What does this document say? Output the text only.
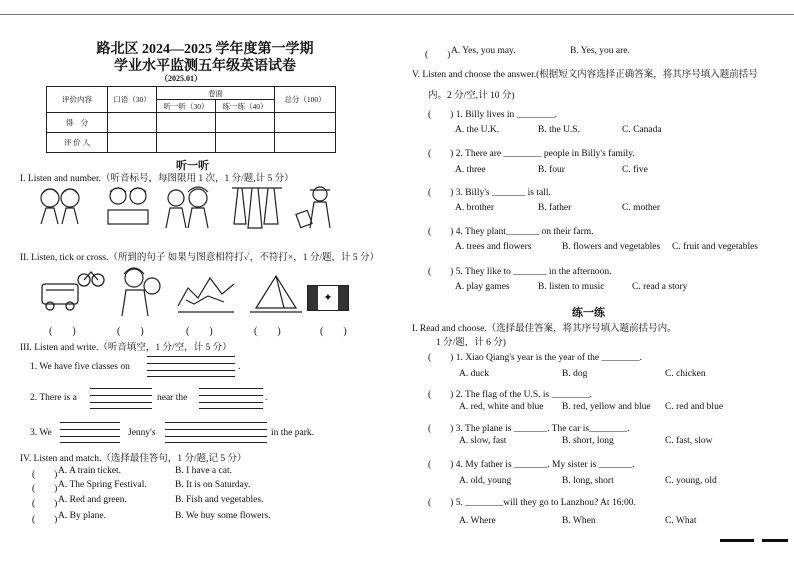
路北区 2024—2025 学年度第一学期
学业水平监测五年级英语试卷
（2025.01）
评价内容	口语（30）	卷面		总分（100）
		听一听（30）	练一练（40）	
得　分				
评 价 人				
听一听
I. Listen and number.（听音标号，每图限用 1 次，1 分/题,计 5 分）
II. Listen, tick or cross.（所到的句子 如果与图意相符打✓，不符打×，1 分/题，计 5 分）
✦
(　　)	(　　)	(　　)	(　　)	(　　)
III. Listen and write.（听音填空，1 分/空，计 5 分）
1. We have five classes on	.
2. There is a	near the	.
3. We	Jenny's	in the park.
IV. Listen and match.（选择最佳答句，1 分/题,记 5 分）
(　　) A. A train ticket.	B. I have a cat.
(　　) A. The Spring Festival.	B. It is on Saturday.
(　　) A. Red and green.	B. Fish and vegetables.
(　　) A. By plane.	B. We buy some flowers.
(　　) A. Yes, you may.	B. Yes, you are.
V. Listen and choose the answer.(根据短文内容选择正确答案，将其序号填入题前括号
内。2 分/空,计 10 分)
(　　) 1. Billy lives in ________.
A. the U.K.	B. the U.S.	C. Canada
(　　) 2. There are ________ people in Billy's family.
A. three	B. four	C. five
(　　) 3. Billy's _______ is tall.
A. brother	B. father	C. mother
(　　) 4. They plant_______ on their farm.
A. trees and flowers	B. flowers and vegetables C. fruit and vegetables
(　　) 5. They like to _______ in the afternoon.
A. play games	B. listen to music	C. read a story
练一练
I. Read and choose.（选择最佳答案，将其序号填入题前括号内。
1 分/题，计 6 分)
(　　) 1. Xiao Qiang's year is the year of the ________.
A. duck	B. dog	C. chicken
(　　) 2. The flag of the U.S. is ________.
A. red, white and blue B. red, yellow and blue C. red and blue
(　　) 3. The plane is _______. The car is________.
A. slow, fast	B. short, long	C. fast, slow
(　　) 4. My father is _______. My sister is _______.
A. old, young	B. long, short	C. young, old
(　　) 5. ________will they go to Lanzhou? At 16:00.
A. Where	B. When	C. What
